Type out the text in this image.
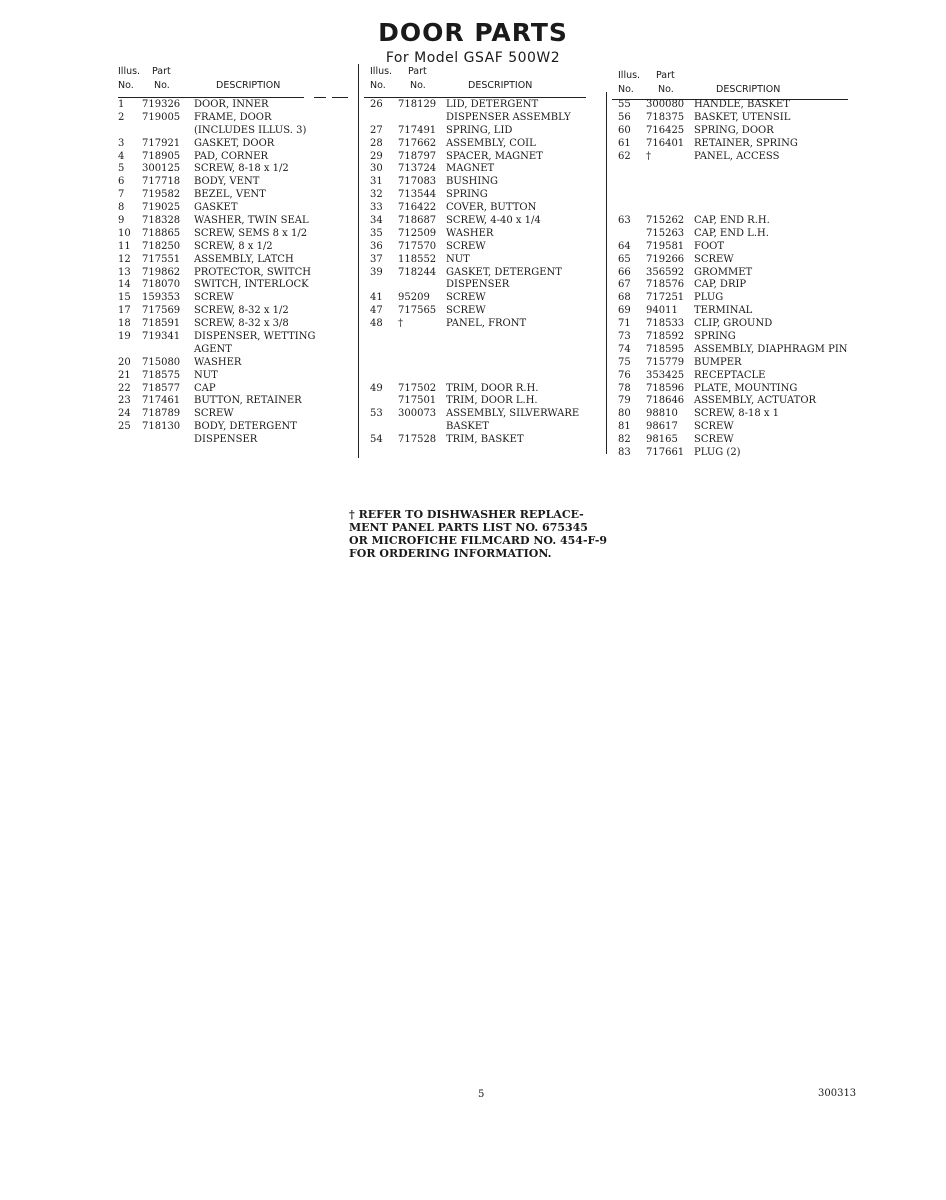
DOOR PARTS
For Model GSAF 500W2
Illus. Part
No. No.	DESCRIPTION
1 719326 DOOR, INNER
2 719005 FRAME, DOOR
(INCLUDES ILLUS. 3)
3 717921 GASKET, DOOR
4 718905 PAD, CORNER
5 300125 SCREW, 8-18 x 1/2
6 717718 BODY, VENT
7 719582 BEZEL, VENT
8 719025 GASKET
9 718328 WASHER, TWIN SEAL
10 718865 SCREW, SEMS 8 x 1/2
11 718250 SCREW, 8 x 1/2
12 717551 ASSEMBLY, LATCH
13 719862 PROTECTOR, SWITCH
14 718070 SWITCH, INTERLOCK
15 159353 SCREW
17 717569 SCREW, 8-32 x 1/2
18 718591 SCREW, 8-32 x 3/8
19 719341 DISPENSER, WETTING
AGENT
20 715080 WASHER
21 718575 NUT
22 718577 CAP
23 717461 BUTTON, RETAINER
24 718789 SCREW
25 718130 BODY, DETERGENT
DISPENSER
Illus. Part
No.	No.	DESCRIPTION
26 718129 LID, DETERGENT
DISPENSER ASSEMBLY
27 717491 SPRING, LID
28 717662 ASSEMBLY, COIL
29 718797 SPACER, MAGNET
30 713724 MAGNET
31 717083 BUSHING
32 713544 SPRING
33 716422 COVER, BUTTON
34 718687 SCREW, 4-40 x 1/4
35 712509 WASHER
36 717570 SCREW
37 118552 NUT
39 718244 GASKET, DETERGENT
DISPENSER
41 95209 SCREW
47 717565 SCREW
48 †	PANEL, FRONT
49 717502 TRIM, DOOR R.H.
717501 TRIM, DOOR L.H.
53 300073 ASSEMBLY, SILVERWARE
BASKET
54 717528 TRIM, BASKET
Illus. Part
No.	No.	DESCRIPTION
55 300080 HANDLE, BASKET
56 718375 BASKET, UTENSIL
60 716425 SPRING, DOOR
61 716401 RETAINER, SPRING
62 †	PANEL, ACCESS
63 715262 CAP, END R.H.
715263 CAP, END L.H.
64 719581 FOOT
65 719266 SCREW
66 356592 GROMMET
67 718576 CAP, DRIP
68 717251 PLUG
69 94011 TERMINAL
71 718533 CLIP, GROUND
73 718592 SPRING
74 718595 ASSEMBLY, DIAPHRAGM PIN
75 715779 BUMPER
76 353425 RECEPTACLE
78 718596 PLATE, MOUNTING
79 718646 ASSEMBLY, ACTUATOR
80 98810 SCREW, 8-18 x 1
81 98617 SCREW
82 98165 SCREW
83 717661 PLUG (2)
† REFER TO DISHWASHER REPLACE-
MENT PANEL PARTS LIST NO. 675345
OR MICROFICHE FILMCARD NO. 454-F-9
FOR ORDERING INFORMATION.
5	300313
